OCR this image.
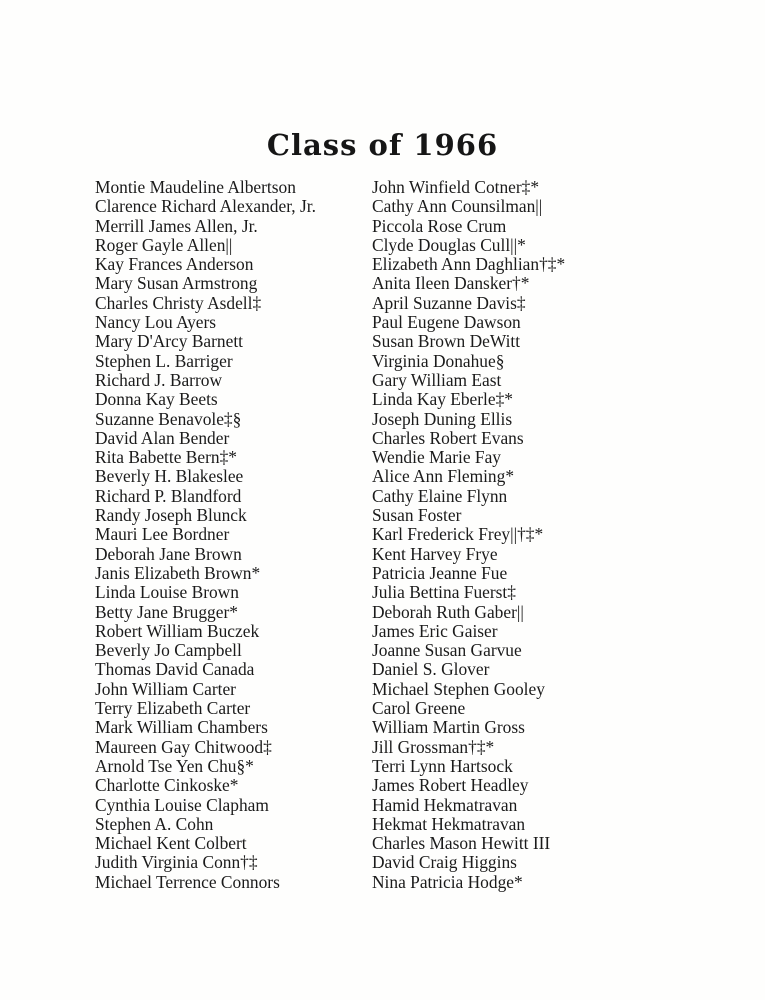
Class of 1966
Montie Maudeline Albertson
Clarence Richard Alexander, Jr.
Merrill James Allen, Jr.
Roger Gayle Allen||
Kay Frances Anderson
Mary Susan Armstrong
Charles Christy Asdell‡
Nancy Lou Ayers
Mary D'Arcy Barnett
Stephen L. Barriger
Richard J. Barrow
Donna Kay Beets
Suzanne Benavole‡§
David Alan Bender
Rita Babette Bern‡*
Beverly H. Blakeslee
Richard P. Blandford
Randy Joseph Blunck
Mauri Lee Bordner
Deborah Jane Brown
Janis Elizabeth Brown*
Linda Louise Brown
Betty Jane Brugger*
Robert William Buczek
Beverly Jo Campbell
Thomas David Canada
John William Carter
Terry Elizabeth Carter
Mark William Chambers
Maureen Gay Chitwood‡
Arnold Tse Yen Chu§*
Charlotte Cinkoske*
Cynthia Louise Clapham
Stephen A. Cohn
Michael Kent Colbert
Judith Virginia Conn†‡
Michael Terrence Connors
John Winfield Cotner‡*
Cathy Ann Counsilman||
Piccola Rose Crum
Clyde Douglas Cull||*
Elizabeth Ann Daghlian†‡*
Anita Ileen Dansker†*
April Suzanne Davis‡
Paul Eugene Dawson
Susan Brown DeWitt
Virginia Donahue§
Gary William East
Linda Kay Eberle‡*
Joseph Duning Ellis
Charles Robert Evans
Wendie Marie Fay
Alice Ann Fleming*
Cathy Elaine Flynn
Susan Foster
Karl Frederick Frey||†‡*
Kent Harvey Frye
Patricia Jeanne Fue
Julia Bettina Fuerst‡
Deborah Ruth Gaber||
James Eric Gaiser
Joanne Susan Garvue
Daniel S. Glover
Michael Stephen Gooley
Carol Greene
William Martin Gross
Jill Grossman†‡*
Terri Lynn Hartsock
James Robert Headley
Hamid Hekmatravan
Hekmat Hekmatravan
Charles Mason Hewitt III
David Craig Higgins
Nina Patricia Hodge*
